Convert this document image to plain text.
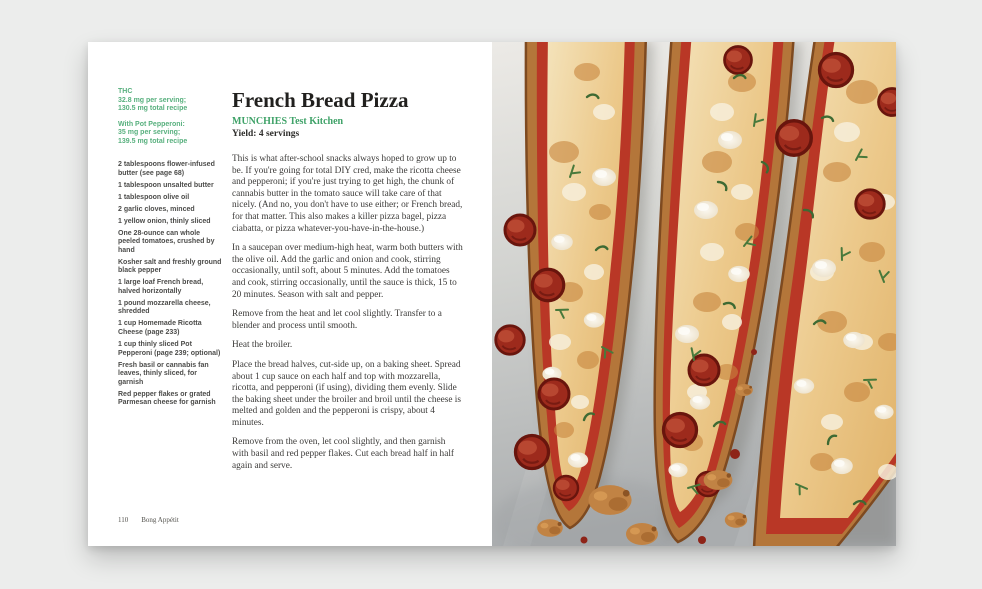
THC
32.8 mg per serving;
130.5 mg total recipe
With Pot Pepperoni:
35 mg per serving;
139.5 mg total recipe

2 tablespoons flower-infused butter (see page 68)

1 tablespoon unsalted butter

1 tablespoon olive oil

2 garlic cloves, minced

1 yellow onion, thinly sliced

One 28-ounce can whole peeled tomatoes, crushed by hand

Kosher salt and freshly ground black pepper

1 large loaf French bread, halved horizontally

1 pound mozzarella cheese, shredded

1 cup Homemade Ricotta Cheese (page 233)

1 cup thinly sliced Pot Pepperoni (page 239; optional)

Fresh basil or cannabis fan leaves, thinly sliced, for garnish

Red pepper flakes or grated Parmesan cheese for garnish

French Bread Pizza

MUNCHIES Test Kitchen

Yield: 4 servings

This is what after-school snacks always hoped to grow up to be. If you're going for total DIY cred, make the ricotta cheese and pepperoni; if you're just trying to get high, the chunk of cannabis butter in the tomato sauce will take care of that nicely. (And no, you don't have to use either; or French bread, for that matter. This also makes a killer pizza bagel, pizza ciabatta, or pizza whatever-you-have-in-the-house.)

In a saucepan over medium-high heat, warm both butters with the olive oil. Add the garlic and onion and cook, stirring occasionally, until soft, about 5 minutes. Add the tomatoes and cook, stirring occasionally, until the sauce is thick, 15 to 20 minutes. Season with salt and pepper.

Remove from the heat and let cool slightly. Transfer to a blender and process until smooth.

Heat the broiler.

Place the bread halves, cut-side up, on a baking sheet. Spread about 1 cup sauce on each half and top with mozzarella, ricotta, and pepperoni (if using), dividing them evenly. Slide the baking sheet under the broiler and broil until the cheese is melted and golden and the pepperoni is crispy, about 4 minutes.

Remove from the oven, let cool slightly, and then garnish with basil and red pepper flakes. Cut each bread half in half again and serve.

110 Bong Appétit
